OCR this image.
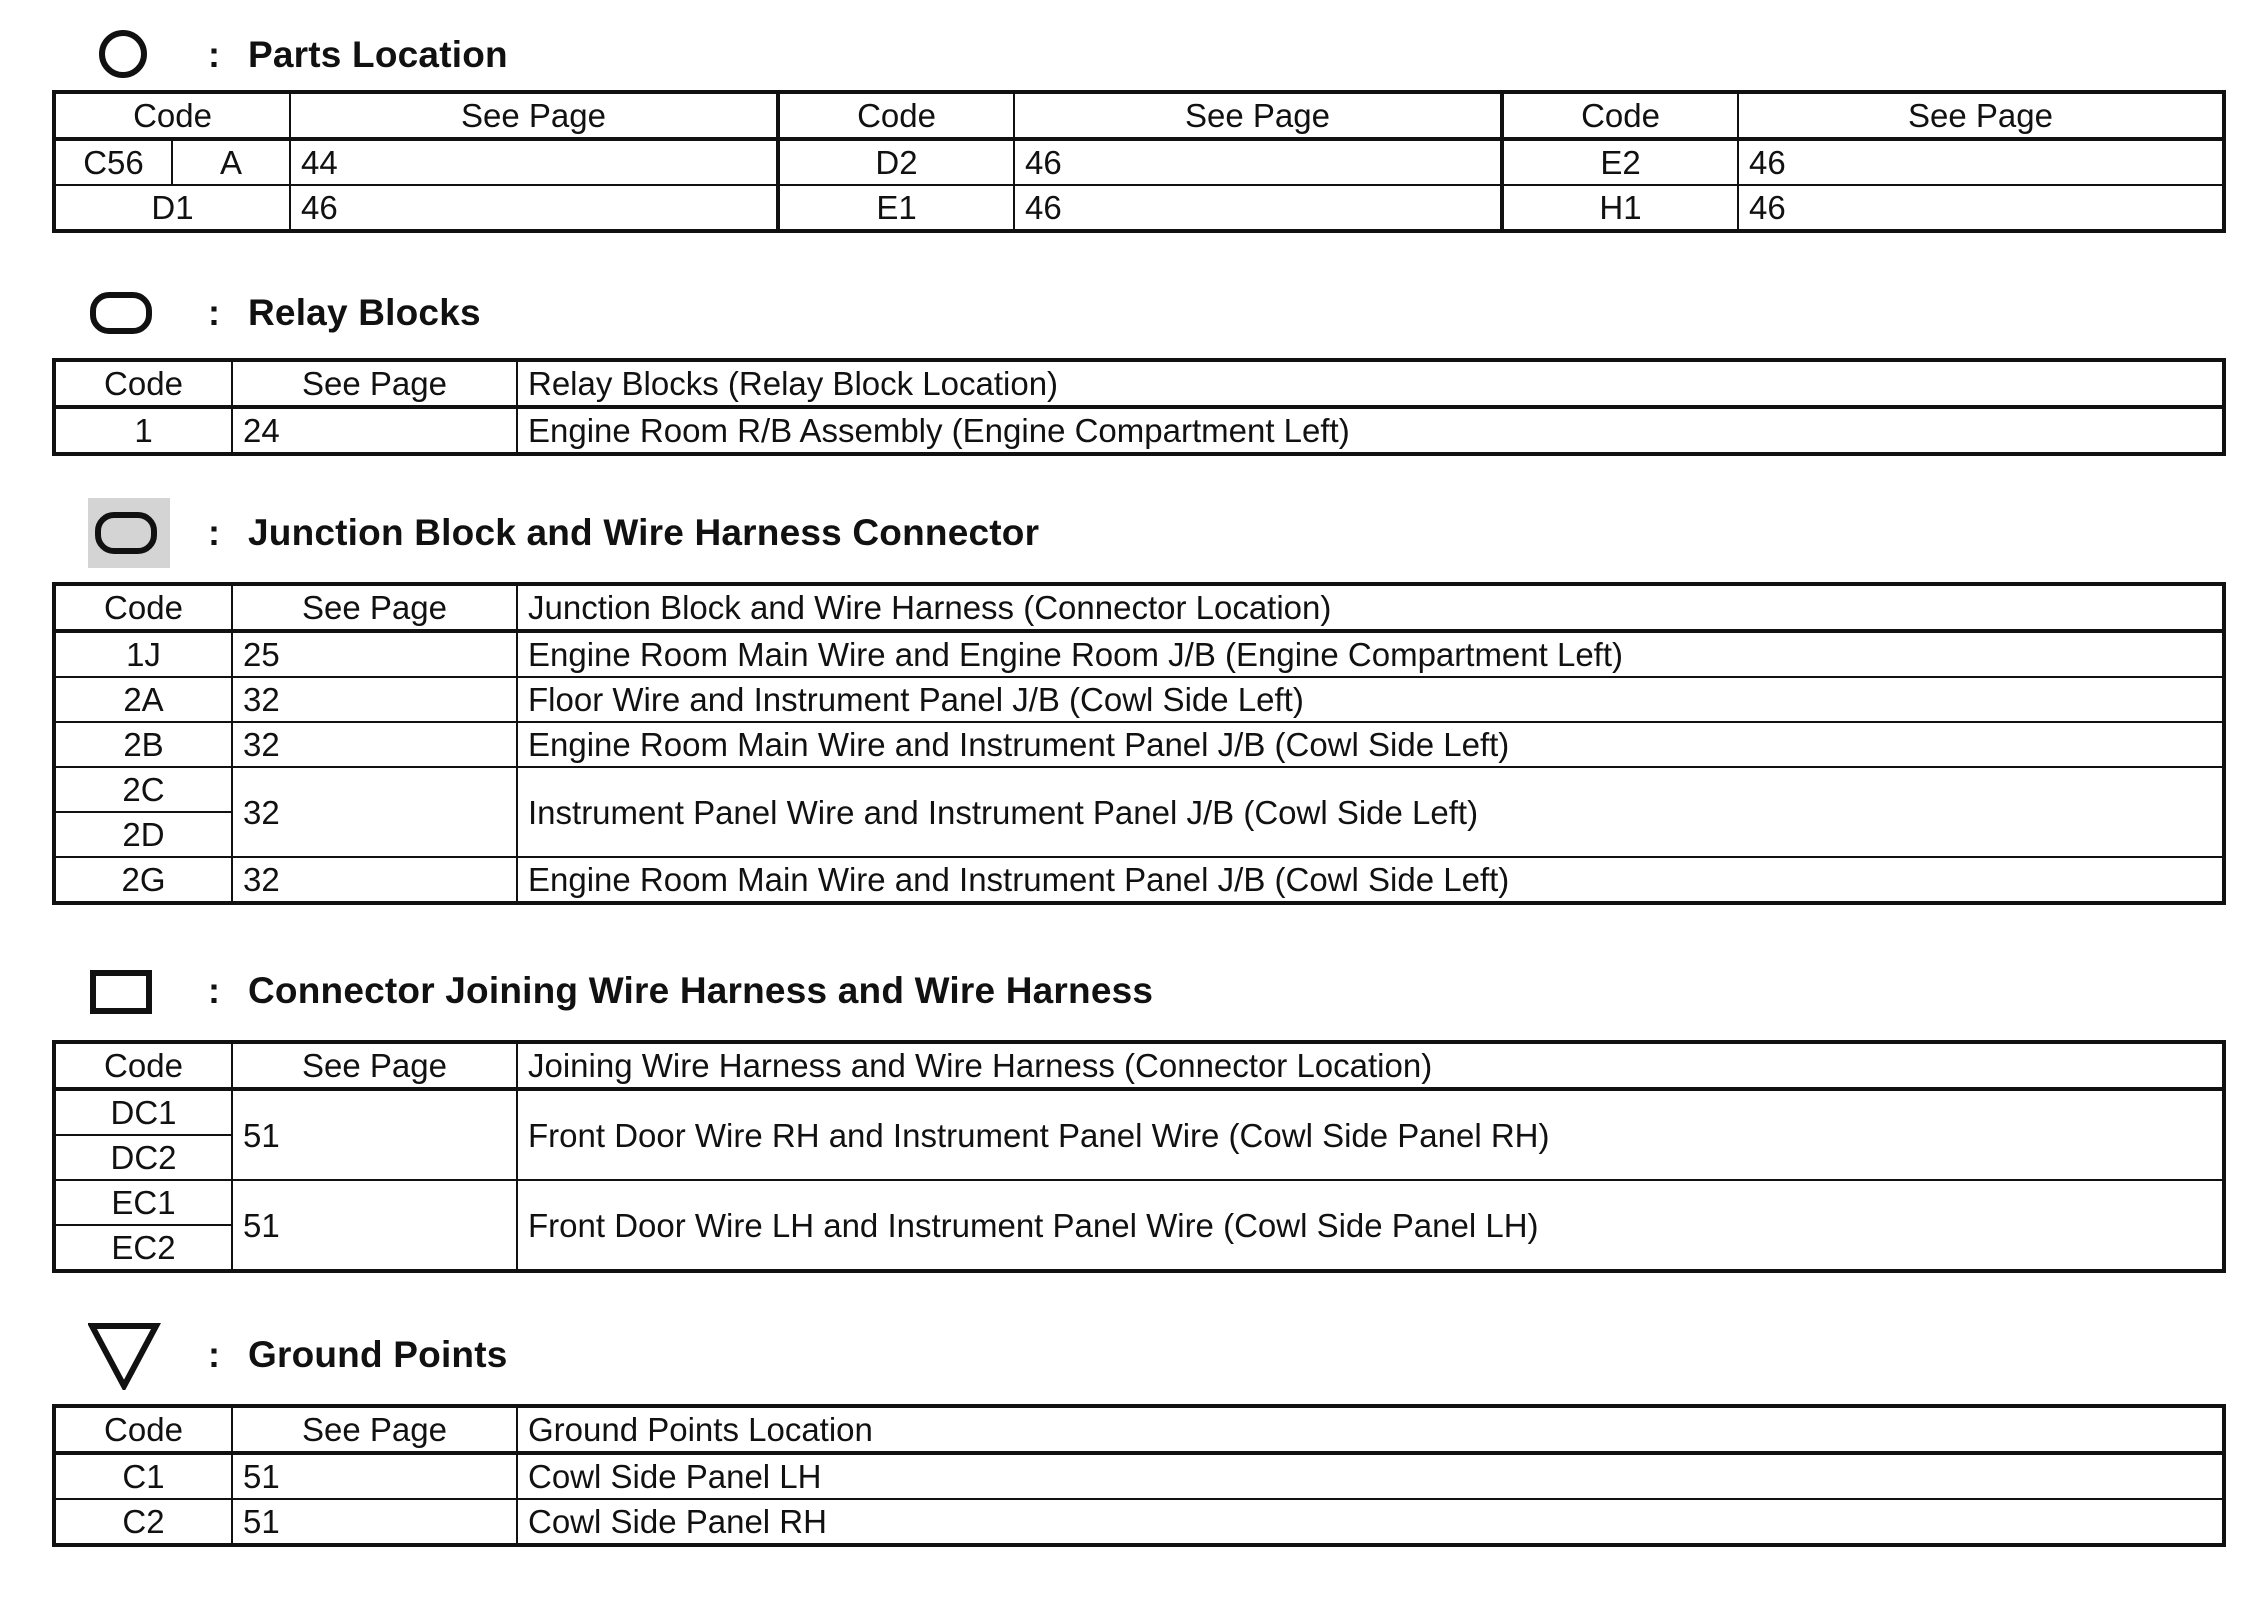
: Parts Location
Code		See Page	Code	See Page	Code	See Page
C56	A	44	D2	46	E2	46
D1		46	E1	46	H1	46
: Relay Blocks
Code	See Page	Relay Blocks (Relay Block Location)
1	24	Engine Room R/B Assembly (Engine Compartment Left)
: Junction Block and Wire Harness Connector
Code	See Page	Junction Block and Wire Harness (Connector Location)
1J	25	Engine Room Main Wire and Engine Room J/B (Engine Compartment Left)
2A	32	Floor Wire and Instrument Panel J/B (Cowl Side Left)
2B	32	Engine Room Main Wire and Instrument Panel J/B (Cowl Side Left)
2C	32	Instrument Panel Wire and Instrument Panel J/B (Cowl Side Left)
2D		
2G	32	Engine Room Main Wire and Instrument Panel J/B (Cowl Side Left)
: Connector Joining Wire Harness and Wire Harness
Code	See Page	Joining Wire Harness and Wire Harness (Connector Location)
DC1	51	Front Door Wire RH and Instrument Panel Wire (Cowl Side Panel RH)
DC2		
EC1	51	Front Door Wire LH and Instrument Panel Wire (Cowl Side Panel LH)
EC2		
: Ground Points
Code	See Page	Ground Points Location
C1	51	Cowl Side Panel LH
C2	51	Cowl Side Panel RH
